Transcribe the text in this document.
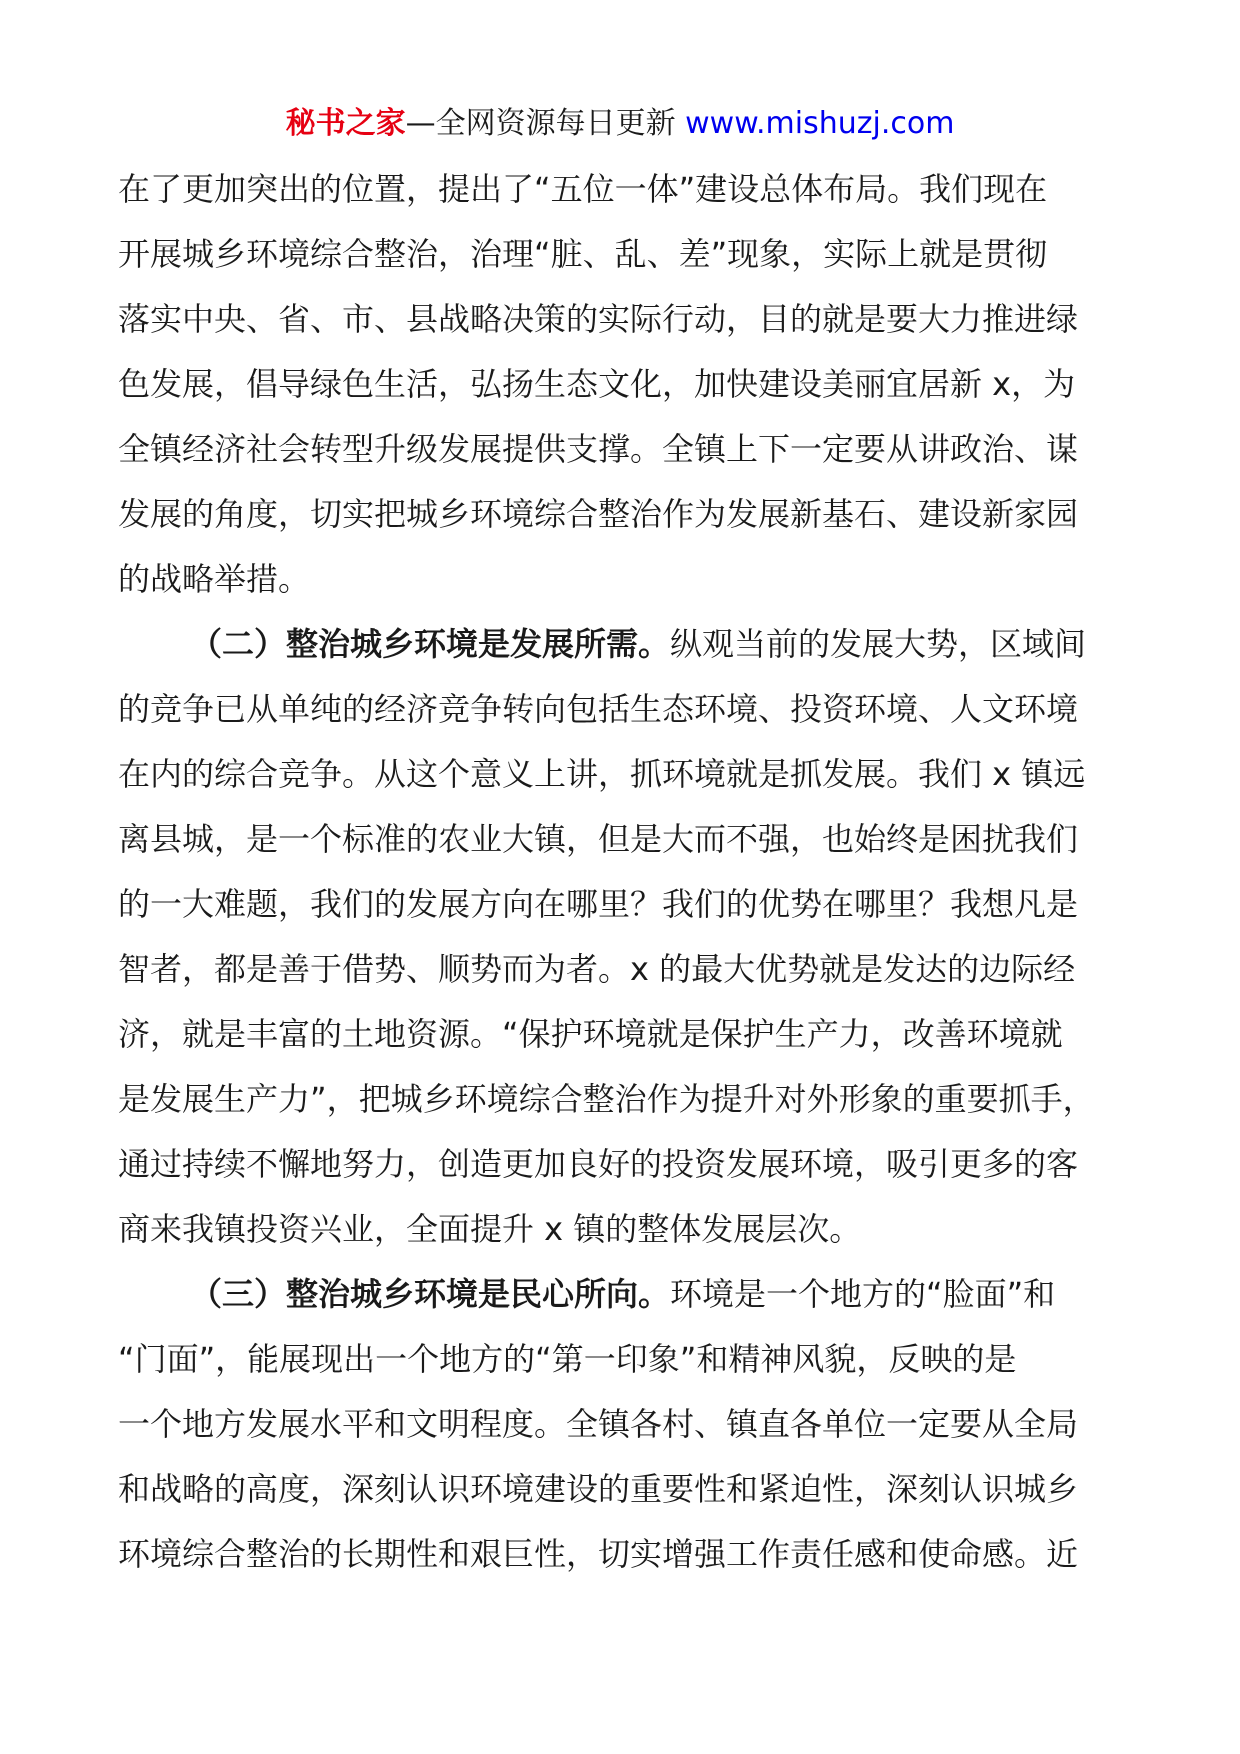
秘书之家—全网资源每日更新 www.mishuzj.com
在了更加突出的位置，提出了“五位一体”建设总体布局。我们现在
开展城乡环境综合整治，治理“脏、乱、差”现象，实际上就是贯彻
落实中央、省、市、县战略决策的实际行动，目的就是要大力推进绿
色发展，倡导绿色生活，弘扬生态文化，加快建设美丽宜居新 x，为
全镇经济社会转型升级发展提供支撑。全镇上下一定要从讲政治、谋
发展的角度，切实把城乡环境综合整治作为发展新基石、建设新家园
的战略举措。
（二）整治城乡环境是发展所需。纵观当前的发展大势，区域间
的竞争已从单纯的经济竞争转向包括生态环境、投资环境、人文环境
在内的综合竞争。从这个意义上讲，抓环境就是抓发展。我们 x 镇远
离县城，是一个标准的农业大镇，但是大而不强，也始终是困扰我们
的一大难题，我们的发展方向在哪里？我们的优势在哪里？我想凡是
智者，都是善于借势、顺势而为者。x 的最大优势就是发达的边际经
济，就是丰富的土地资源。“保护环境就是保护生产力，改善环境就
是发展生产力”，把城乡环境综合整治作为提升对外形象的重要抓手，
通过持续不懈地努力，创造更加良好的投资发展环境，吸引更多的客
商来我镇投资兴业，全面提升 x 镇的整体发展层次。
（三）整治城乡环境是民心所向。环境是一个地方的“脸面”和
“门面”，能展现出一个地方的“第一印象”和精神风貌，反映的是
一个地方发展水平和文明程度。全镇各村、镇直各单位一定要从全局
和战略的高度，深刻认识环境建设的重要性和紧迫性，深刻认识城乡
环境综合整治的长期性和艰巨性，切实增强工作责任感和使命感。近
